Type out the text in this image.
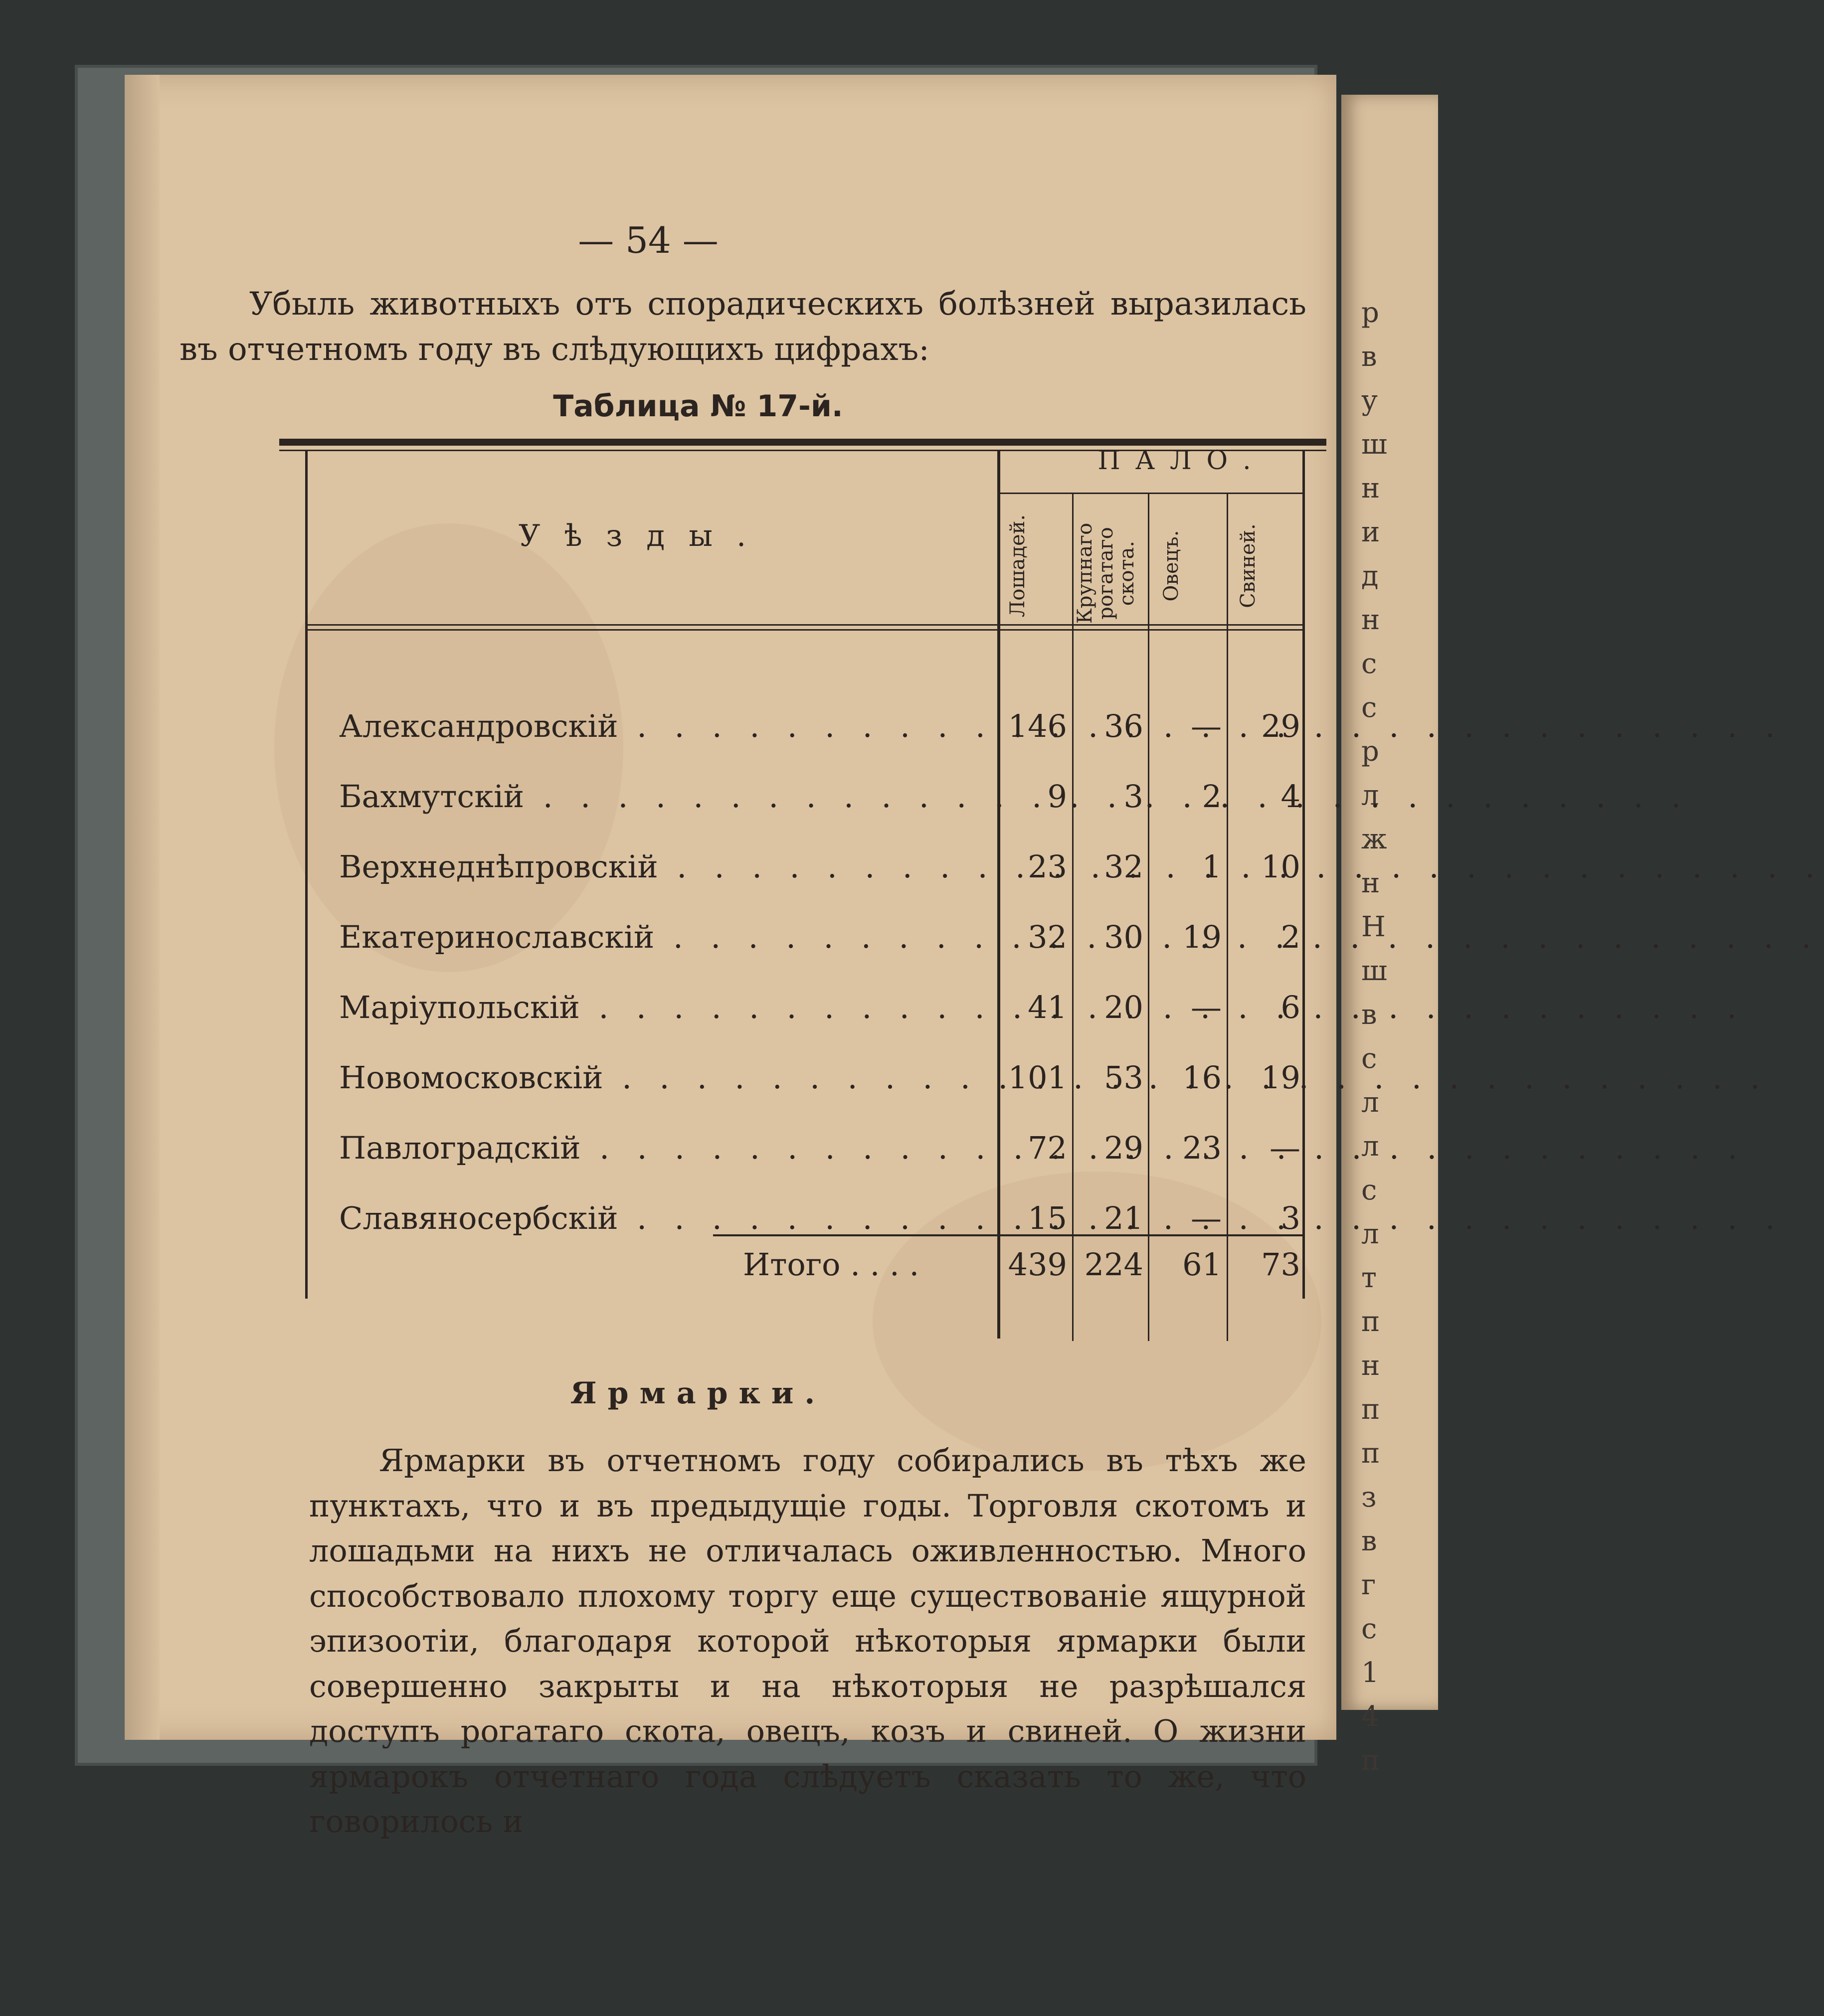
р
в
у
ш
н
и
д
н
с
с
р
л
ж
н
Н
ш
в
с
л
л
с
л
т
п
н
п
п
з
в
г
с
1
4
п
— 54 —
Убыль животныхъ отъ спорадическихъ болѣзней выразилась въ отчетномъ году въ слѣдующихъ цифрахъ:
Таблица № 17-й.
Уѣзды.
ПАЛО.
Лошадей.	Крупнаго рогатаго скота.	Овецъ.	Свиней.
Александровскій . . .	146	36	—	29
Бахмутскій . . .	9	3	2	4
Верхнеднѣпровскій . . .	23	32	1	10
Екатеринославскій . . .	32	30	19	2
Маріупольскій . . .	41	20	—	6
Новомосковскій . . .	101	53	16	19
Павлоградскій . . .	72	29	23	—
Славяносербскій . . .	15	21	—	3
Итого . . . .	439 224	61	73
Ярмарки.
Ярмарки въ отчетномъ году собирались въ тѣхъ же пунктахъ, что и въ предыдущіе годы. Торговля скотомъ и лошадьми на нихъ не отличалась оживленностью. Много способствовало плохому торгу еще существованіе ящурной эпизоотіи, благодаря которой нѣкоторыя ярмарки были совершенно закрыты и на нѣкоторыя не разрѣшался доступъ рогатаго скота, овецъ, козъ и свиней. О жизни ярмарокъ отчетнаго года слѣдуетъ сказать то же, что говорилось и
